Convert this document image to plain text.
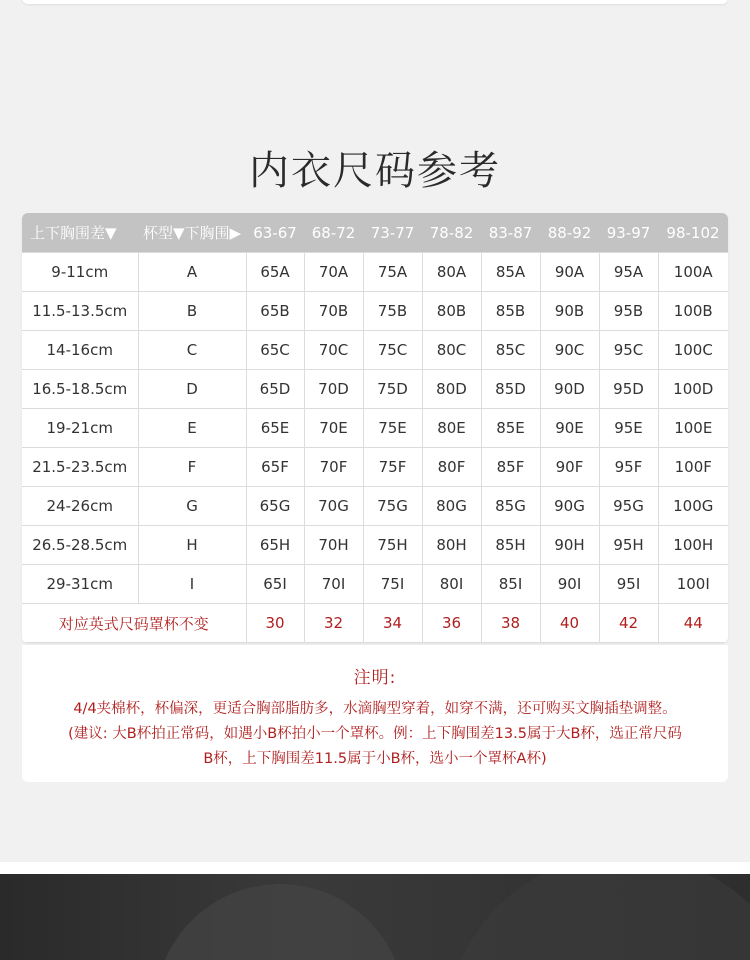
内衣尺码参考
上下胸围差▼	杯型▼下胸围▶	63-67	68-72	73-77	78-82	83-87	88-92	93-97	98-102
9-11cm	A	65A	70A	75A	80A	85A	90A	95A	100A
11.5-13.5cm	B	65B	70B	75B	80B	85B	90B	95B	100B
14-16cm	C	65C	70C	75C	80C	85C	90C	95C	100C
16.5-18.5cm	D	65D	70D	75D	80D	85D	90D	95D	100D
19-21cm	E	65E	70E	75E	80E	85E	90E	95E	100E
21.5-23.5cm	F	65F	70F	75F	80F	85F	90F	95F	100F
24-26cm	G	65G	70G	75G	80G	85G	90G	95G	100G
26.5-28.5cm	H	65H	70H	75H	80H	85H	90H	95H	100H
29-31cm	I	65I	70I	75I	80I	85I	90I	95I	100I
对应英式尺码罩杯不变		30	32	34	36	38	40	42	44
注明:
4/4夹棉杯，杯偏深，更适合胸部脂肪多，水滴胸型穿着，如穿不满，还可购买文胸插垫调整。
(建议: 大B杯拍正常码，如遇小B杯拍小一个罩杯。例：上下胸围差13.5属于大B杯，选正常尺码
B杯，上下胸围差11.5属于小B杯，选小一个罩杯A杯)
